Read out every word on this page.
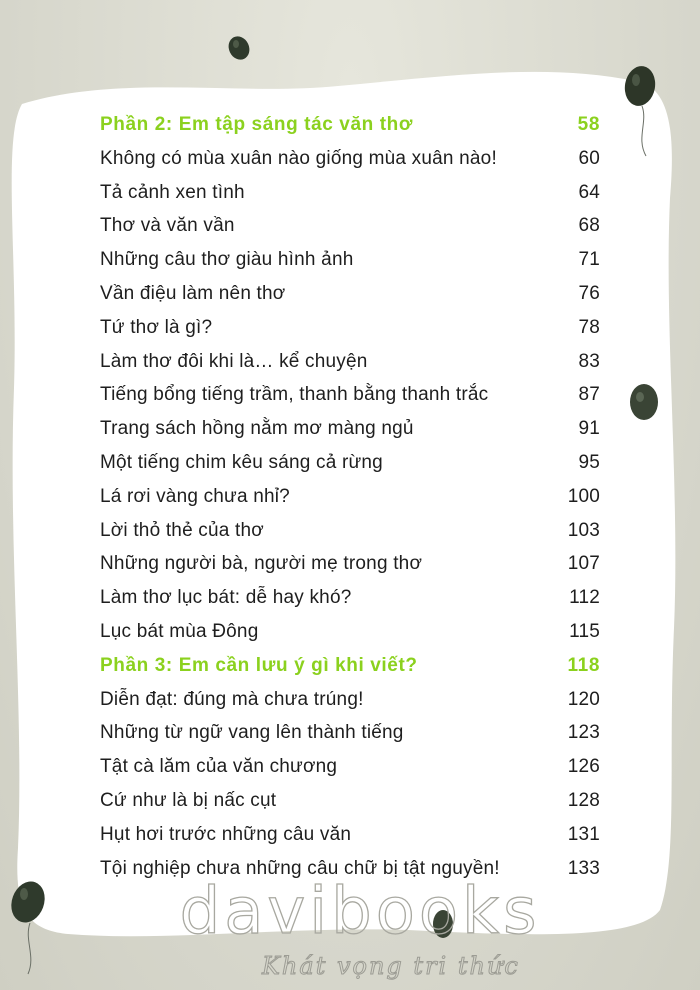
Phần 2: Em tập sáng tác văn thơ	58
Không có mùa xuân nào giống mùa xuân nào!	60
Tả cảnh xen tình	64
Thơ và văn vần	68
Những câu thơ giàu hình ảnh	71
Vần điệu làm nên thơ	76
Tứ thơ là gì?	78
Làm thơ đôi khi là… kể chuyện	83
Tiếng bổng tiếng trầm, thanh bằng thanh trắc	87
Trang sách hồng nằm mơ màng ngủ	91
Một tiếng chim kêu sáng cả rừng	95
Lá rơi vàng chưa nhỉ?	100
Lời thỏ thẻ của thơ	103
Những người bà, người mẹ trong thơ	107
Làm thơ lục bát: dễ hay khó?	112
Lục bát mùa Đông	115
Phần 3: Em cần lưu ý gì khi viết?	118
Diễn đạt: đúng mà chưa trúng!	120
Những từ ngữ vang lên thành tiếng	123
Tật cà lăm của văn chương	126
Cứ như là bị nấc cụt	128
Hụt hơi trước những câu văn	131
Tội nghiệp chưa những câu chữ bị tật nguyền!	133
davibooks
Khát vọng tri thức
